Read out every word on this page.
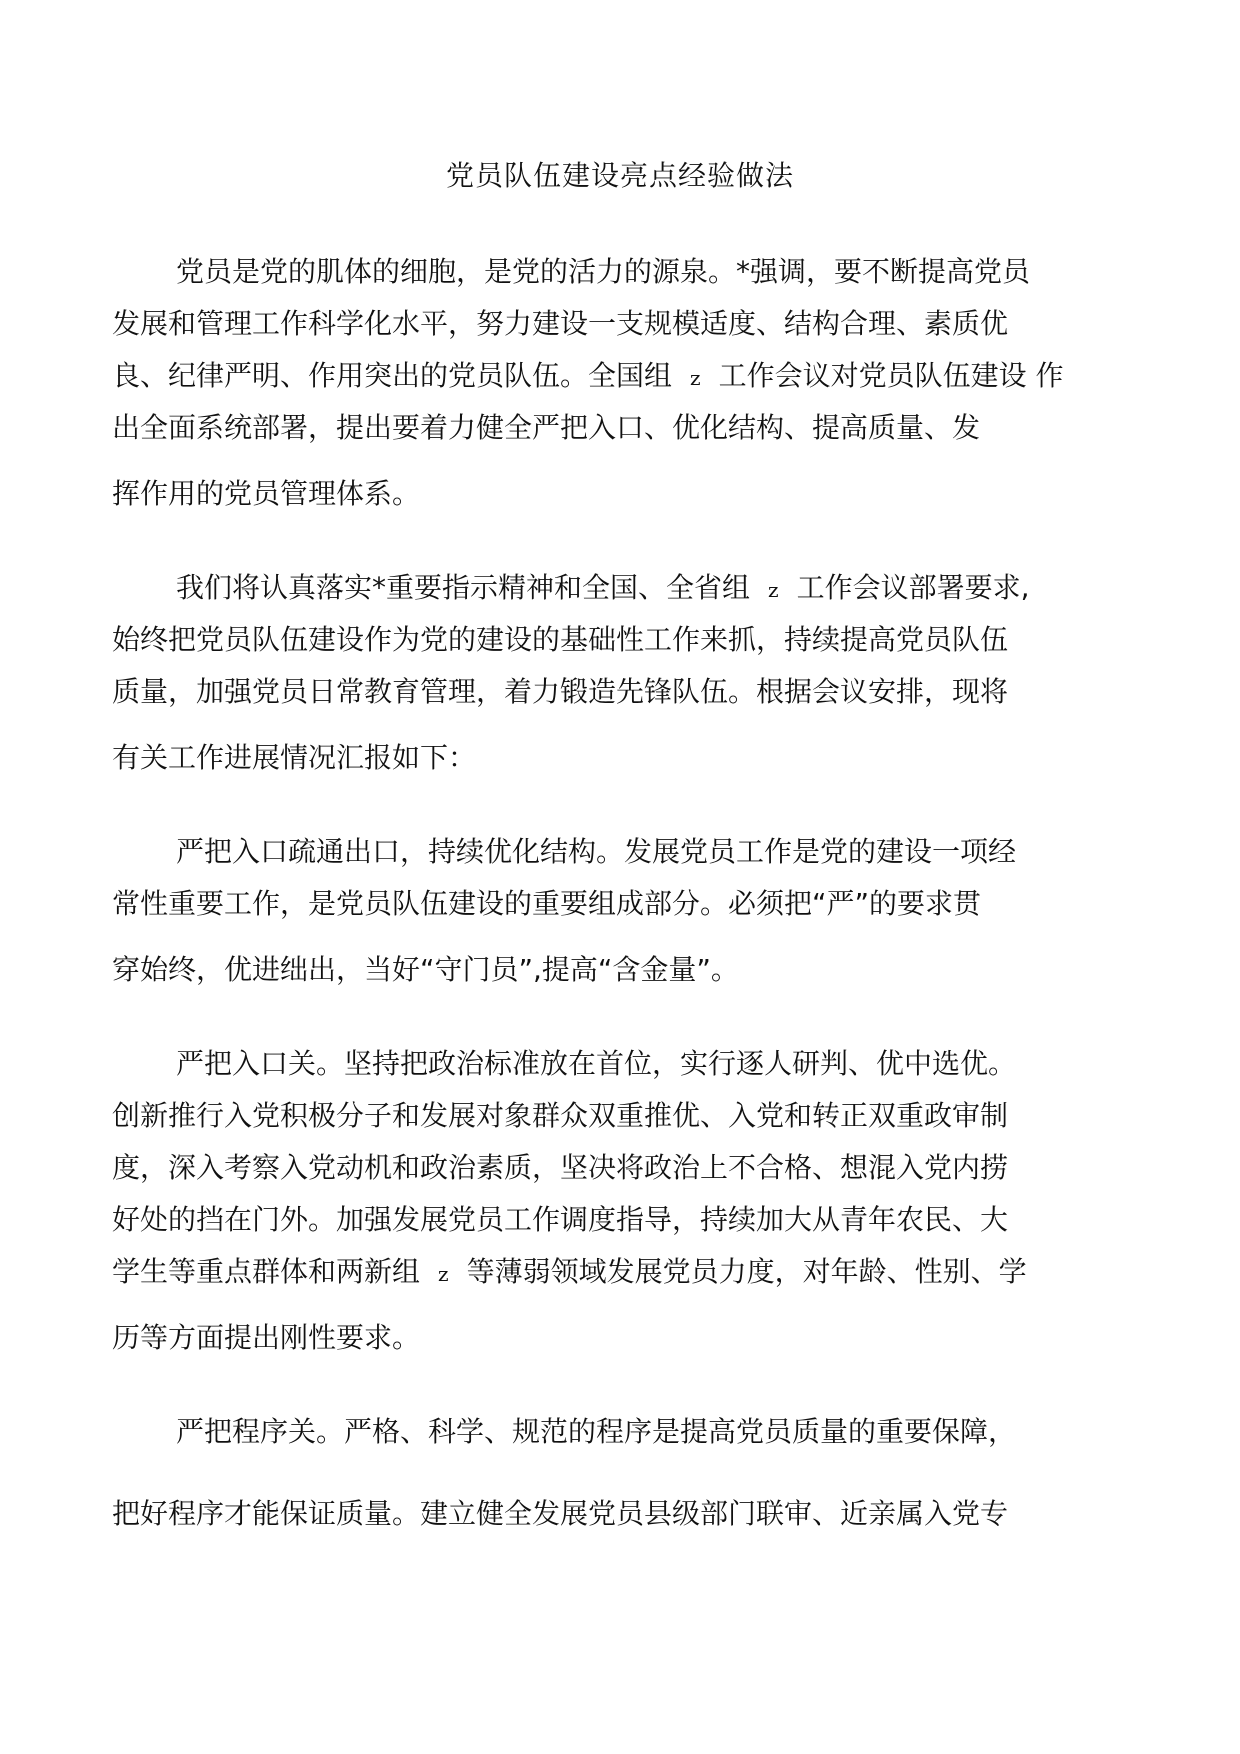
党员队伍建设亮点经验做法
党员是党的肌体的细胞，是党的活力的源泉。*强调，要不断提高党员
发展和管理工作科学化水平，努力建设一支规模适度、结构合理、素质优
良、纪律严明、作用突出的党员队伍。全国组 z 工作会议对党员队伍建设 作
出全面系统部署，提出要着力健全严把入口、优化结构、提高质量、发
挥作用的党员管理体系。
我们将认真落实*重要指示精神和全国、全省组 z 工作会议部署要求,
始终把党员队伍建设作为党的建设的基础性工作来抓，持续提高党员队伍
质量，加强党员日常教育管理，着力锻造先锋队伍。根据会议安排，现将
有关工作进展情况汇报如下：
严把入口疏通出口，持续优化结构。发展党员工作是党的建设一项经
常性重要工作，是党员队伍建设的重要组成部分。必须把“严”的要求贯
穿始终，优进绌出，当好“守门员”,提高“含金量”。
严把入口关。坚持把政治标准放在首位，实行逐人研判、优中选优。
创新推行入党积极分子和发展对象群众双重推优、入党和转正双重政审制
度，深入考察入党动机和政治素质，坚决将政治上不合格、想混入党内捞
好处的挡在门外。加强发展党员工作调度指导，持续加大从青年农民、大
学生等重点群体和两新组 z 等薄弱领域发展党员力度，对年龄、性别、学
历等方面提出刚性要求。
严把程序关。严格、科学、规范的程序是提高党员质量的重要保障，
把好程序才能保证质量。建立健全发展党员县级部门联审、近亲属入党专
